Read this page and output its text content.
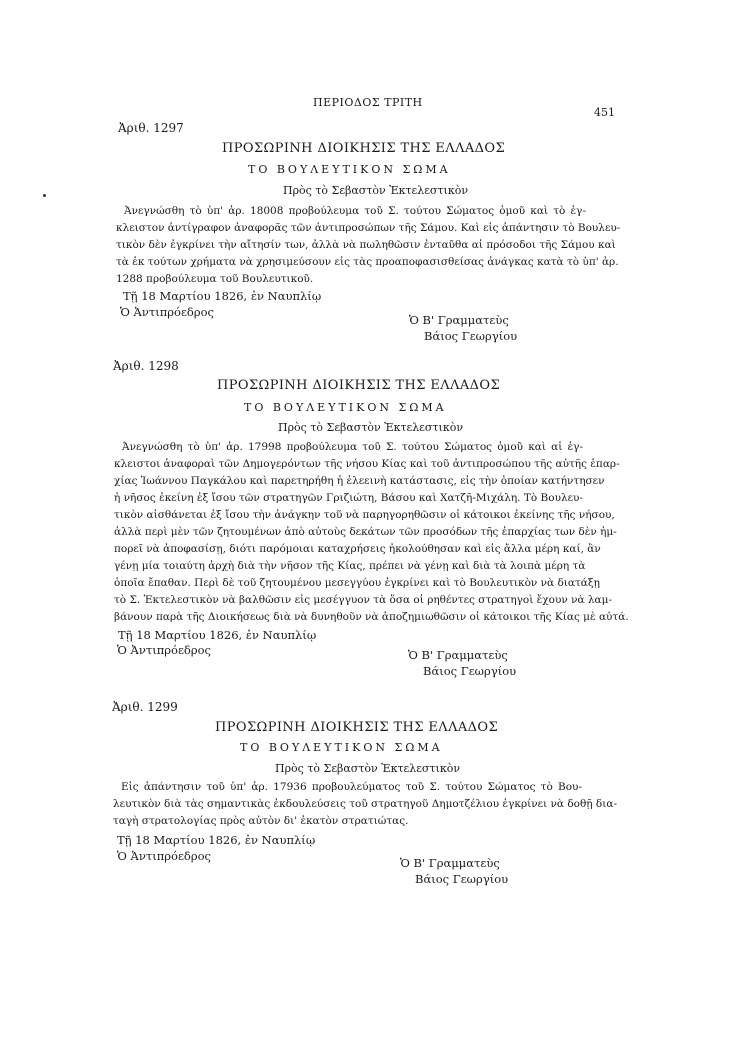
ΠΕΡΙΟΔΟΣ ΤΡΙΤΗ
451
Ἀριθ. 1297
ΠΡΟΣΩΡΙΝΗ ΔΙΟΙΚΗΣΙΣ ΤΗΣ ΕΛΛΑΔΟΣ
ΤΟ ΒΟΥΛΕΥΤΙΚΟΝ ΣΩΜΑ
Πρὸς τὸ Σεβαστὸν Ἐκτελεστικὸν
Ἀνεγνώσθη τὸ ὑπ' ἀρ. 18008 προβούλευμα τοῦ Σ. τούτου Σώματος ὁμοῦ καὶ τὸ ἐγ-
κλειστον ἀντίγραφον ἀναφορᾶς τῶν ἀντιπροσώπων τῆς Σάμου. Καὶ εἰς ἀπάντησιν τὸ Βουλευ-
τικὸν δὲν ἐγκρίνει τὴν αἴτησίν των, ἀλλὰ νὰ πωληθῶσιν ἐνταῦθα αἱ πρόσοδοι τῆς Σάμου καὶ
τὰ ἐκ τούτων χρήματα νὰ χρησιμεύσουν εἰς τὰς προαποφασισθείσας ἀνάγκας κατὰ τὸ ὑπ' ἀρ.
1288 προβούλευμα τοῦ Βουλευτικοῦ.
Τῇ 18 Μαρτίου 1826, ἐν Ναυπλίῳ
Ὁ Ἀντιπρόεδρος
Ὁ Β' Γραμματεὺς
Βάιος Γεωργίου
Ἀριθ. 1298
ΠΡΟΣΩΡΙΝΗ ΔΙΟΙΚΗΣΙΣ ΤΗΣ ΕΛΛΑΔΟΣ
ΤΟ ΒΟΥΛΕΥΤΙΚΟΝ ΣΩΜΑ
Πρὸς τὸ Σεβαστὸν Ἐκτελεστικὸν
Ἀνεγνώσθη τὸ ὑπ' ἀρ. 17998 προβούλευμα τοῦ Σ. τούτου Σώματος ὁμοῦ καὶ αἱ ἐγ-
κλειστοι ἀναφοραὶ τῶν Δημογερόντων τῆς νήσου Κίας καὶ τοῦ ἀντιπροσώπου τῆς αὐτῆς ἐπαρ-
χίας Ἰωάννου Παγκάλου καὶ παρετηρήθη ἡ ἐλεεινὴ κατάστασις, εἰς τὴν ὁποίαν κατήντησεν
ἡ νῆσος ἐκείνη ἐξ ἴσου τῶν στρατηγῶν Γριζιώτη, Βάσου καὶ Χατζῆ-Μιχάλη. Τὸ Βουλευ-
τικὸν αἰσθάνεται ἐξ ἴσου τὴν ἀνάγκην τοῦ νὰ παρηγορηθῶσιν οἱ κάτοικοι ἐκείνης τῆς νήσου,
ἀλλὰ περὶ μὲν τῶν ζητουμένων ἀπὸ αὐτοὺς δεκάτων τῶν προσόδων τῆς ἐπαρχίας των δὲν ἠμ-
πορεῖ νὰ ἀποφασίσῃ, διότι παρόμοιαι καταχρήσεις ἠκολούθησαν καὶ εἰς ἄλλα μέρη καί, ἂν
γένῃ μία τοιαύτη ἀρχὴ διὰ τὴν νῆσον τῆς Κίας, πρέπει νὰ γένῃ καὶ διὰ τὰ λοιπὰ μέρη τὰ
ὁποῖα ἔπαθαν. Περὶ δὲ τοῦ ζητουμένου μεσεγγύου ἐγκρίνει καὶ τὸ Βουλευτικὸν νὰ διατάξῃ
τὸ Σ. Ἐκτελεστικὸν νὰ βαλθῶσιν εἰς μεσέγγυον τὰ ὅσα οἱ ρηθέντες στρατηγοὶ ἔχουν νὰ λαμ-
βάνουν παρὰ τῆς Διοικήσεως διὰ νὰ δυνηθοῦν νὰ ἀποζημιωθῶσιν οἱ κάτοικοι τῆς Κίας μὲ αὐτά.
Τῇ 18 Μαρτίου 1826, ἐν Ναυπλίῳ
Ὁ Ἀντιπρόεδρος	Ὁ Β' Γραμματεὺς
Βάιος Γεωργίου
Ἀριθ. 1299
ΠΡΟΣΩΡΙΝΗ ΔΙΟΙΚΗΣΙΣ ΤΗΣ ΕΛΛΑΔΟΣ
ΤΟ ΒΟΥΛΕΥΤΙΚΟΝ ΣΩΜΑ
Πρὸς τὸ Σεβαστὸν Ἐκτελεστικὸν
Εἰς ἀπάντησιν τοῦ ὑπ' ἀρ. 17936 προβουλεύματος τοῦ Σ. τούτου Σώματος τὸ Βου-
λευτικὸν διὰ τὰς σημαντικὰς ἐκδουλεύσεις τοῦ στρατηγοῦ Δημοτζέλιου ἐγκρίνει νὰ δοθῇ δια-
ταγὴ στρατολογίας πρὸς αὐτὸν δι' ἑκατὸν στρατιώτας.
Τῇ 18 Μαρτίου 1826, ἐν Ναυπλίῳ
Ὁ Ἀντιπρόεδρος	Ὁ Β' Γραμματεὺς
Βάιος Γεωργίου
